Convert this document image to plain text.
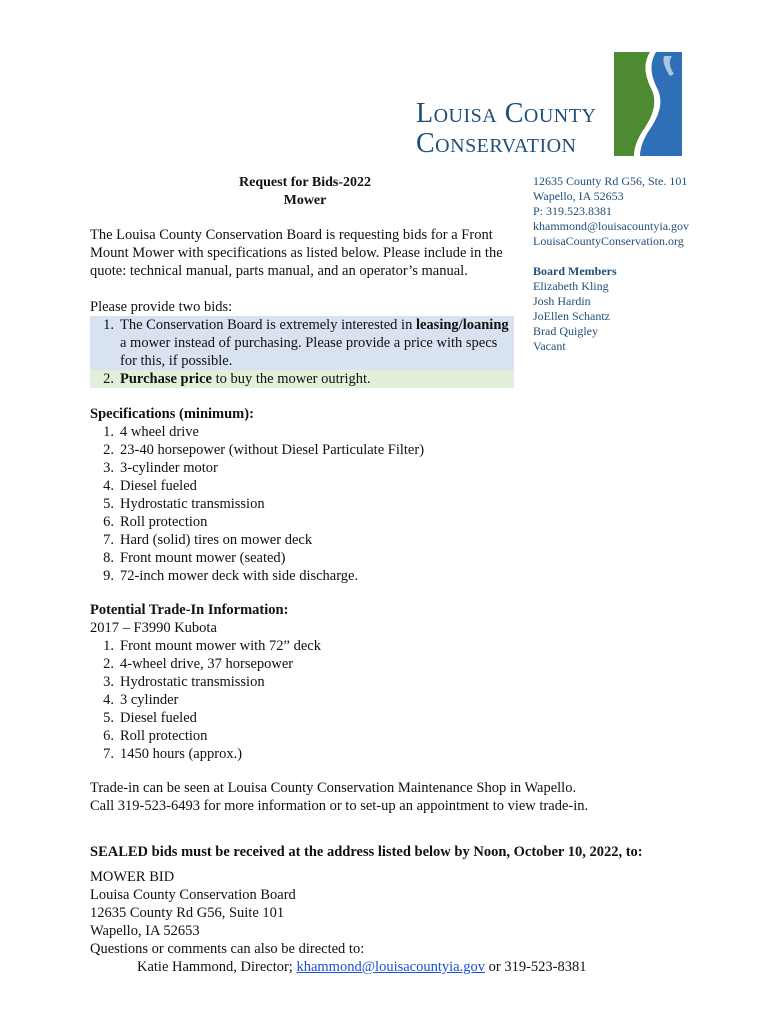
Louisa County
Conservation
Request for Bids-2022
Mower
The Louisa County Conservation Board is requesting bids for a Front Mount Mower with specifications as listed below. Please include in the quote: technical manual, parts manual, and an operator’s manual.
Please provide two bids:
1. The Conservation Board is extremely interested in leasing/loaning a mower instead of purchasing. Please provide a price with specs for this, if possible.
2. Purchase price to buy the mower outright.
12635 County Rd G56, Ste. 101
Wapello, IA 52653
P: 319.523.8381
khammond@louisacountyia.gov
LouisaCountyConservation.org
Board Members
Elizabeth Kling
Josh Hardin
JoEllen Schantz
Brad Quigley
Vacant
Specifications (minimum):
1. 4 wheel drive
2. 23-40 horsepower (without Diesel Particulate Filter)
3. 3-cylinder motor
4. Diesel fueled
5. Hydrostatic transmission
6. Roll protection
7. Hard (solid) tires on mower deck
8. Front mount mower (seated)
9. 72-inch mower deck with side discharge.
Potential Trade-In Information:
2017 – F3990 Kubota
1. Front mount mower with 72” deck
2. 4-wheel drive, 37 horsepower
3. Hydrostatic transmission
4. 3 cylinder
5. Diesel fueled
6. Roll protection
7. 1450 hours (approx.)
Trade-in can be seen at Louisa County Conservation Maintenance Shop in Wapello.
Call 319-523-6493 for more information or to set-up an appointment to view trade-in.
SEALED bids must be received at the address listed below by Noon, October 10, 2022, to:
MOWER BID
Louisa County Conservation Board
12635 County Rd G56, Suite 101
Wapello, IA 52653
Questions or comments can also be directed to:
Katie Hammond, Director; khammond@louisacountyia.gov or 319-523-8381
